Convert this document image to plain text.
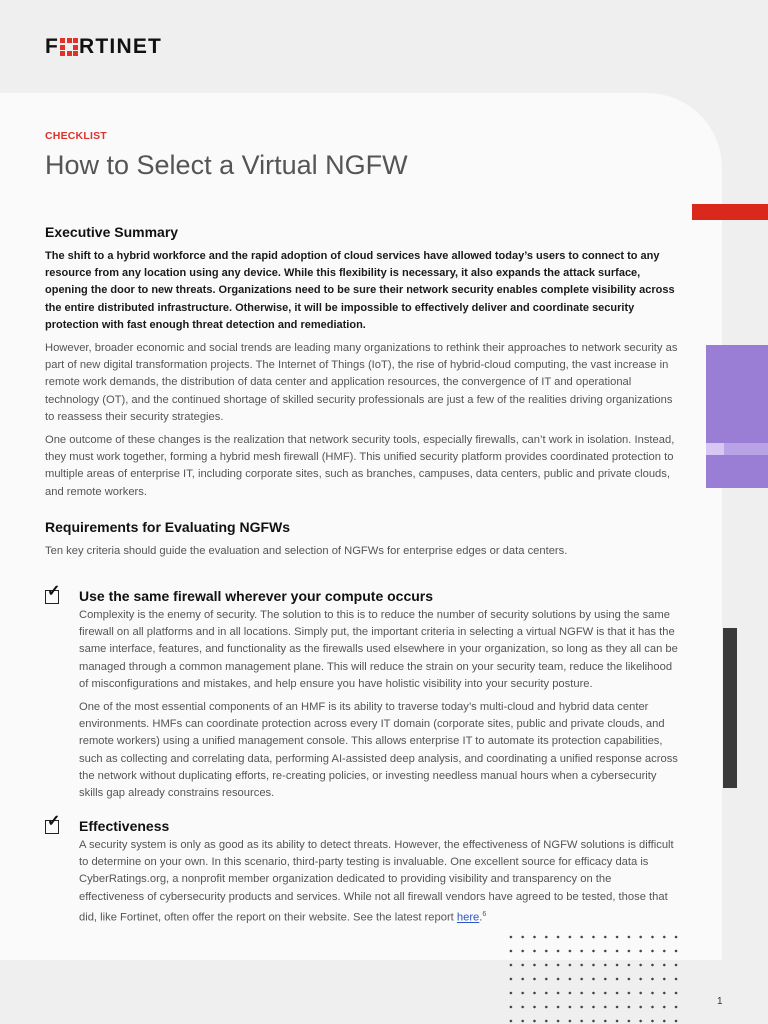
F RTINET
CHECKLIST
How to Select a Virtual NGFW
Executive Summary

The shift to a hybrid workforce and the rapid adoption of cloud services have allowed today’s users to connect to any resource from any location using any device. While this flexibility is necessary, it also expands the attack surface, opening the door to new threats. Organizations need to be sure their network security enables complete visibility across the entire distributed infrastructure. Otherwise, it will be impossible to effectively deliver and coordinate security protection with fast enough threat detection and remediation.

However, broader economic and social trends are leading many organizations to rethink their approaches to network security as part of new digital transformation projects. The Internet of Things (IoT), the rise of hybrid-cloud computing, the vast increase in remote work demands, the distribution of data center and application resources, the convergence of IT and operational technology (OT), and the continued shortage of skilled security professionals are just a few of the realities driving organizations to reassess their security strategies.

One outcome of these changes is the realization that network security tools, especially firewalls, can’t work in isolation. Instead, they must work together, forming a hybrid mesh firewall (HMF). This unified security platform provides coordinated protection to multiple areas of enterprise IT, including corporate sites, such as branches, campuses, data centers, public and private clouds, and remote workers.

Requirements for Evaluating NGFWs

Ten key criteria should guide the evaluation and selection of NGFWs for enterprise edges or data centers.

✓ Use the same firewall wherever your compute occurs

Complexity is the enemy of security. The solution to this is to reduce the number of security solutions by using the same firewall on all platforms and in all locations. Simply put, the important criteria in selecting a virtual NGFW is that it has the same interface, features, and functionality as the firewalls used elsewhere in your organization, so long as they all can be managed through a common management plane. This will reduce the strain on your security team, reduce the likelihood of misconfigurations and mistakes, and help ensure you have holistic visibility into your security posture.

One of the most essential components of an HMF is its ability to traverse today’s multi-cloud and hybrid data center environments. HMFs can coordinate protection across every IT domain (corporate sites, public and private clouds, and remote workers) using a unified management console. This allows enterprise IT to automate its protection capabilities, such as collecting and correlating data, performing AI-assisted deep analysis, and coordinating a unified response across the network without duplicating efforts, re-creating policies, or investing needless manual hours when a cybersecurity skills gap already constrains resources.

✓ Effectiveness

A security system is only as good as its ability to detect threats. However, the effectiveness of NGFW solutions is difficult to determine on your own. In this scenario, third-party testing is invaluable. One excellent source for efficacy data is CyberRatings.org, a nonprofit member organization dedicated to providing visibility and transparency on the effectiveness of cybersecurity products and services. While not all firewall vendors have agreed to be tested, those that did, like Fortinet, often offer the report on their website. See the latest report here.$^6$

1
